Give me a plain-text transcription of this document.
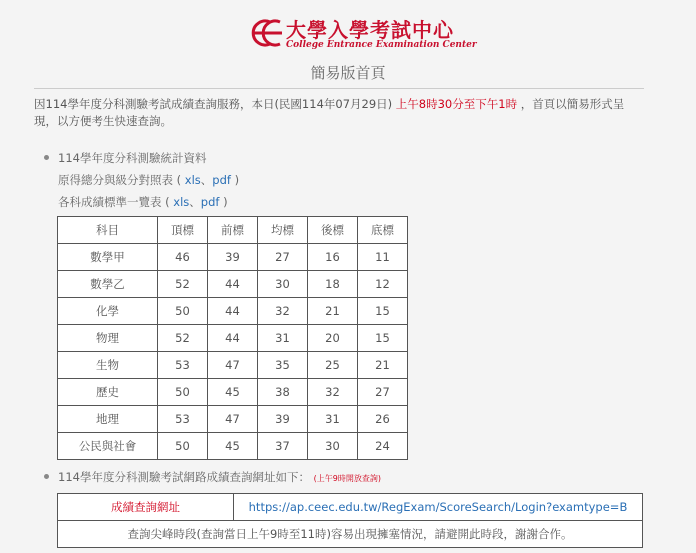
大學入學考試中心
College Entrance Examination Center
簡易版首頁
因114學年度分科測驗考試成績查詢服務，本日(民國114年07月29日) 上午8時30分至下午1時 ，首頁以簡易形式呈現，以方便考生快速查詢。
114學年度分科測驗統計資料
原得總分與級分對照表 ( xls、pdf )
各科成績標準一覽表 ( xls、pdf )
科目	頂標	前標	均標	後標	底標
數學甲	46	39	27	16	11
數學乙	52	44	30	18	12
化學	50	44	32	21	15
物理	52	44	31	20	15
生物	53	47	35	25	21
歷史	50	45	38	32	27
地理	53	47	39	31	26
公民與社會	50	45	37	30	24
114學年度分科測驗考試網路成績查詢網址如下： (上午9時開放查詢)
成績查詢網址	https://ap.ceec.edu.tw/RegExam/ScoreSearch/Login?examtype=B
查詢尖峰時段(查詢當日上午9時至11時)容易出現擁塞情況，請避開此時段，謝謝合作。
